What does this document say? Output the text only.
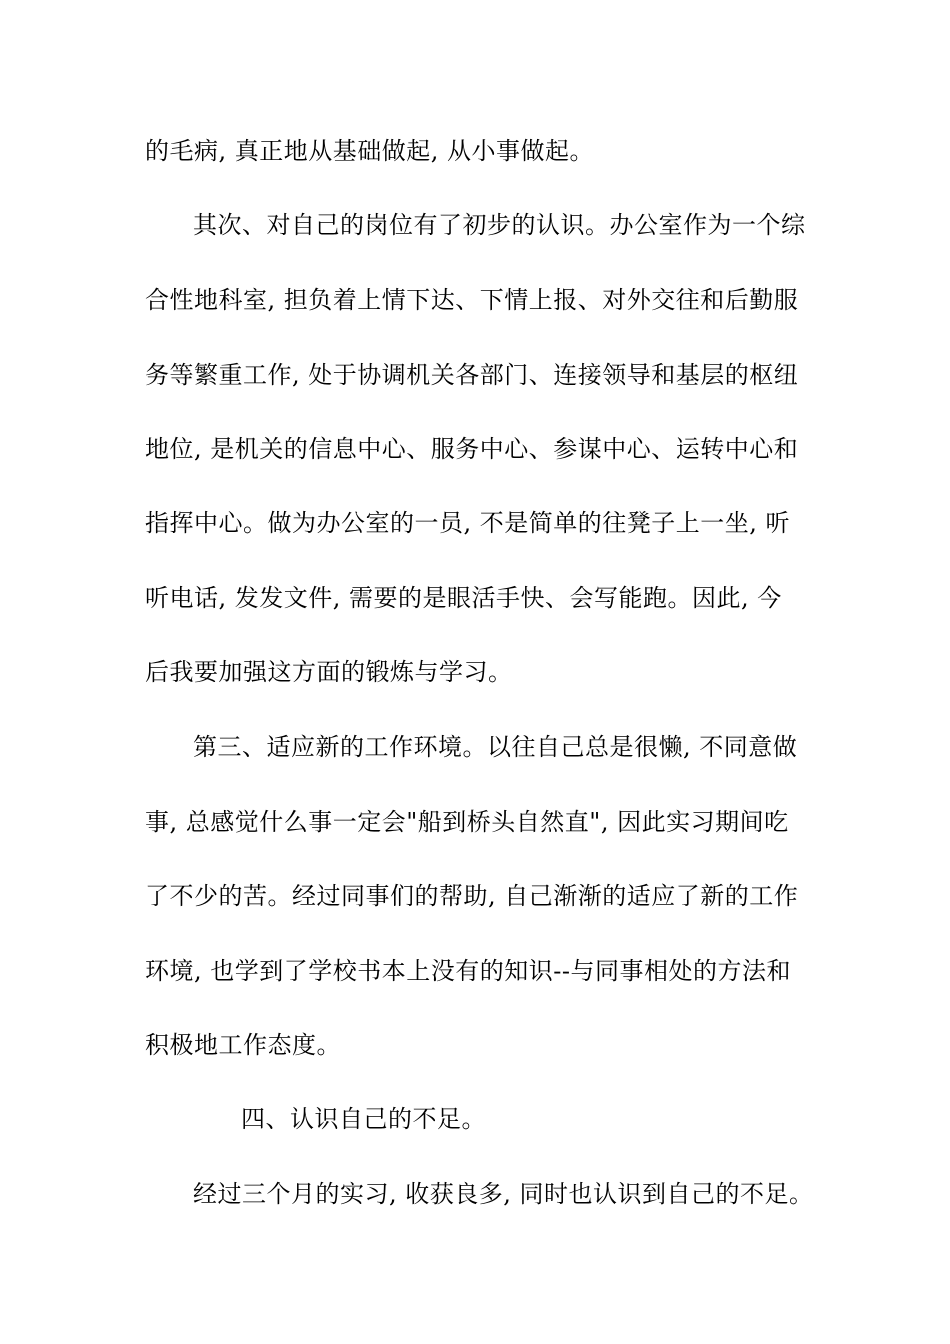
的毛病, 真正地从基础做起, 从小事做起。
其次、对自己的岗位有了初步的认识。办公室作为一个综
合性地科室, 担负着上情下达、下情上报、对外交往和后勤服
务等繁重工作, 处于协调机关各部门、连接领导和基层的枢纽
地位, 是机关的信息中心、服务中心、参谋中心、运转中心和
指挥中心。做为办公室的一员, 不是简单的往凳子上一坐, 听
听电话, 发发文件, 需要的是眼活手快、会写能跑。因此, 今
后我要加强这方面的锻炼与学习。
第三、适应新的工作环境。以往自己总是很懒, 不同意做
事, 总感觉什么事一定会"船到桥头自然直", 因此实习期间吃
了不少的苦。经过同事们的帮助, 自己渐渐的适应了新的工作
环境, 也学到了学校书本上没有的知识--与同事相处的方法和
积极地工作态度。
四、认识自己的不足。
经过三个月的实习, 收获良多, 同时也认识到自己的不足。
